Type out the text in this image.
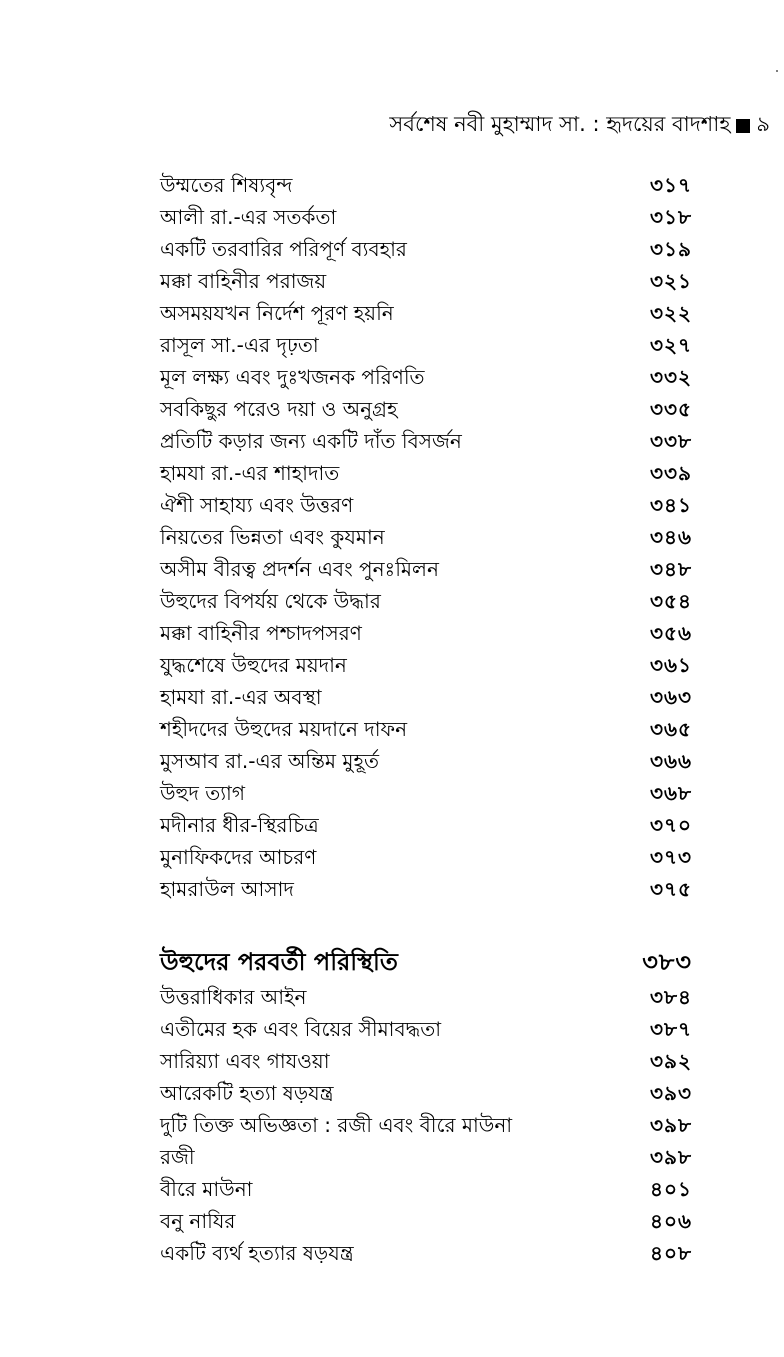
সর্বশেষ নবী মুহাম্মাদ সা. : হৃদয়ের বাদশাহ ৯
উম্মতের শিষ্যবৃন্দ	৩১৭
আলী রা.-এর সতর্কতা	৩১৮
একটি তরবারির পরিপূর্ণ ব্যবহার	৩১৯
মক্কা বাহিনীর পরাজয়	৩২১
অসময়যখন নির্দেশ পূরণ হয়নি	৩২২
রাসূল সা.-এর দৃঢ়তা	৩২৭
মূল লক্ষ্য এবং দুঃখজনক পরিণতি	৩৩২
সবকিছুর পরেও দয়া ও অনুগ্রহ	৩৩৫
প্রতিটি কড়ার জন্য একটি দাঁত বিসর্জন	৩৩৮
হামযা রা.-এর শাহাদাত	৩৩৯
ঐশী সাহায্য এবং উত্তরণ	৩৪১
নিয়তের ভিন্নতা এবং কুযমান	৩৪৬
অসীম বীরত্ব প্রদর্শন এবং পুনঃমিলন	৩৪৮
উহুদের বিপর্যয় থেকে উদ্ধার	৩৫৪
মক্কা বাহিনীর পশ্চাদপসরণ	৩৫৬
যুদ্ধশেষে উহুদের ময়দান	৩৬১
হামযা রা.-এর অবস্থা	৩৬৩
শহীদদের উহুদের ময়দানে দাফন	৩৬৫
মুসআব রা.-এর অন্তিম মুহূর্ত	৩৬৬
উহুদ ত্যাগ	৩৬৮
মদীনার ধীর-স্থিরচিত্র	৩৭০
মুনাফিকদের আচরণ	৩৭৩
হামরাউল আসাদ	৩৭৫
উহুদের পরবর্তী পরিস্থিতি	৩৮৩
উত্তরাধিকার আইন	৩৮৪
এতীমের হক এবং বিয়ের সীমাবদ্ধতা	৩৮৭
সারিয়্যা এবং গাযওয়া	৩৯২
আরেকটি হত্যা ষড়যন্ত্র	৩৯৩
দুটি তিক্ত অভিজ্ঞতা : রজী এবং বীরে মাউনা	৩৯৮
রজী	৩৯৮
বীরে মাউনা	৪০১
বনু নাযির	৪০৬
একটি ব্যর্থ হত্যার ষড়যন্ত্র	৪০৮
